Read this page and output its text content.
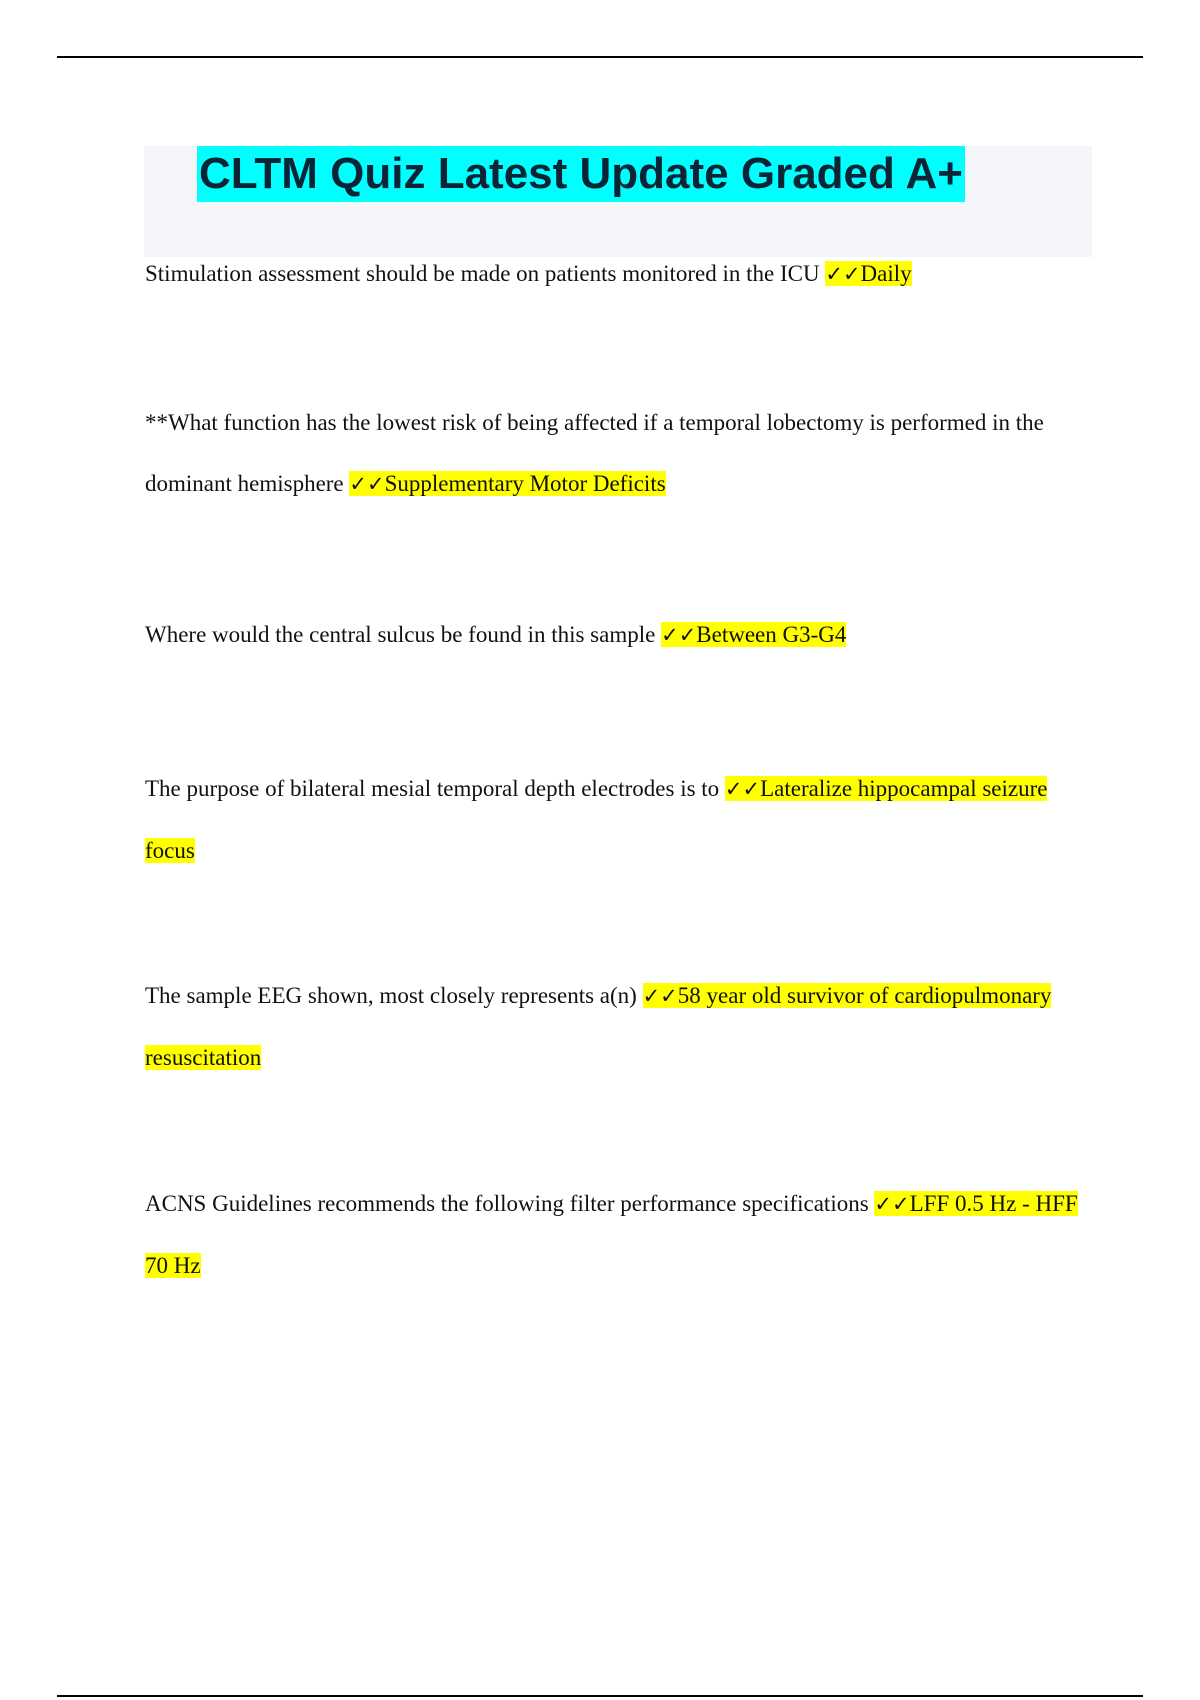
CLTM Quiz Latest Update Graded A+

Stimulation assessment should be made on patients monitored in the ICU ✓✓Daily

**What function has the lowest risk of being affected if a temporal lobectomy is performed in the dominant hemisphere ✓✓Supplementary Motor Deficits

Where would the central sulcus be found in this sample ✓✓Between G3-G4

The purpose of bilateral mesial temporal depth electrodes is to ✓✓Lateralize hippocampal seizure focus

The sample EEG shown, most closely represents a(n) ✓✓58 year old survivor of cardiopulmonary resuscitation

ACNS Guidelines recommends the following filter performance specifications ✓✓LFF 0.5 Hz - HFF 70 Hz
